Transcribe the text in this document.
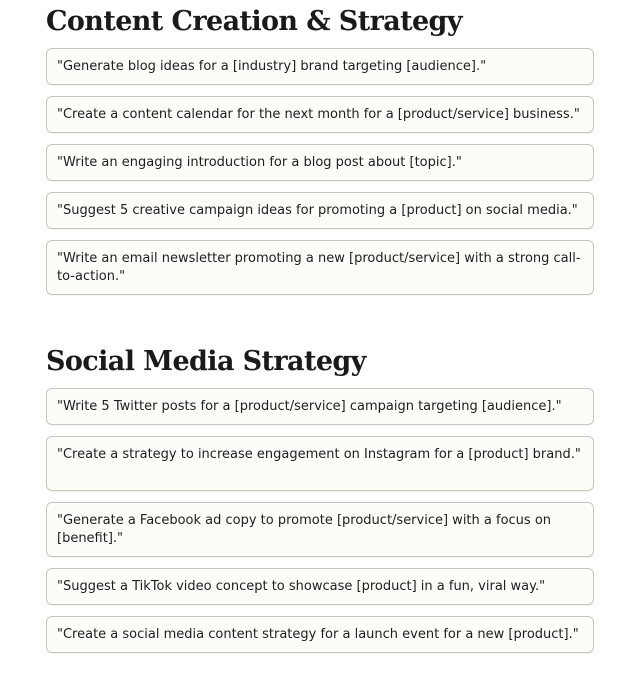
Content Creation & Strategy
"Generate blog ideas for a [industry] brand targeting [audience]."
"Create a content calendar for the next month for a [product/service] business."
"Write an engaging introduction for a blog post about [topic]."
"Suggest 5 creative campaign ideas for promoting a [product] on social media."
"Write an email newsletter promoting a new [product/service] with a strong call-to-action."
Social Media Strategy
"Write 5 Twitter posts for a [product/service] campaign targeting [audience]."
"Create a strategy to increase engagement on Instagram for a [product] brand."
"Generate a Facebook ad copy to promote [product/service] with a focus on [benefit]."
"Suggest a TikTok video concept to showcase [product] in a fun, viral way."
"Create a social media content strategy for a launch event for a new [product]."
